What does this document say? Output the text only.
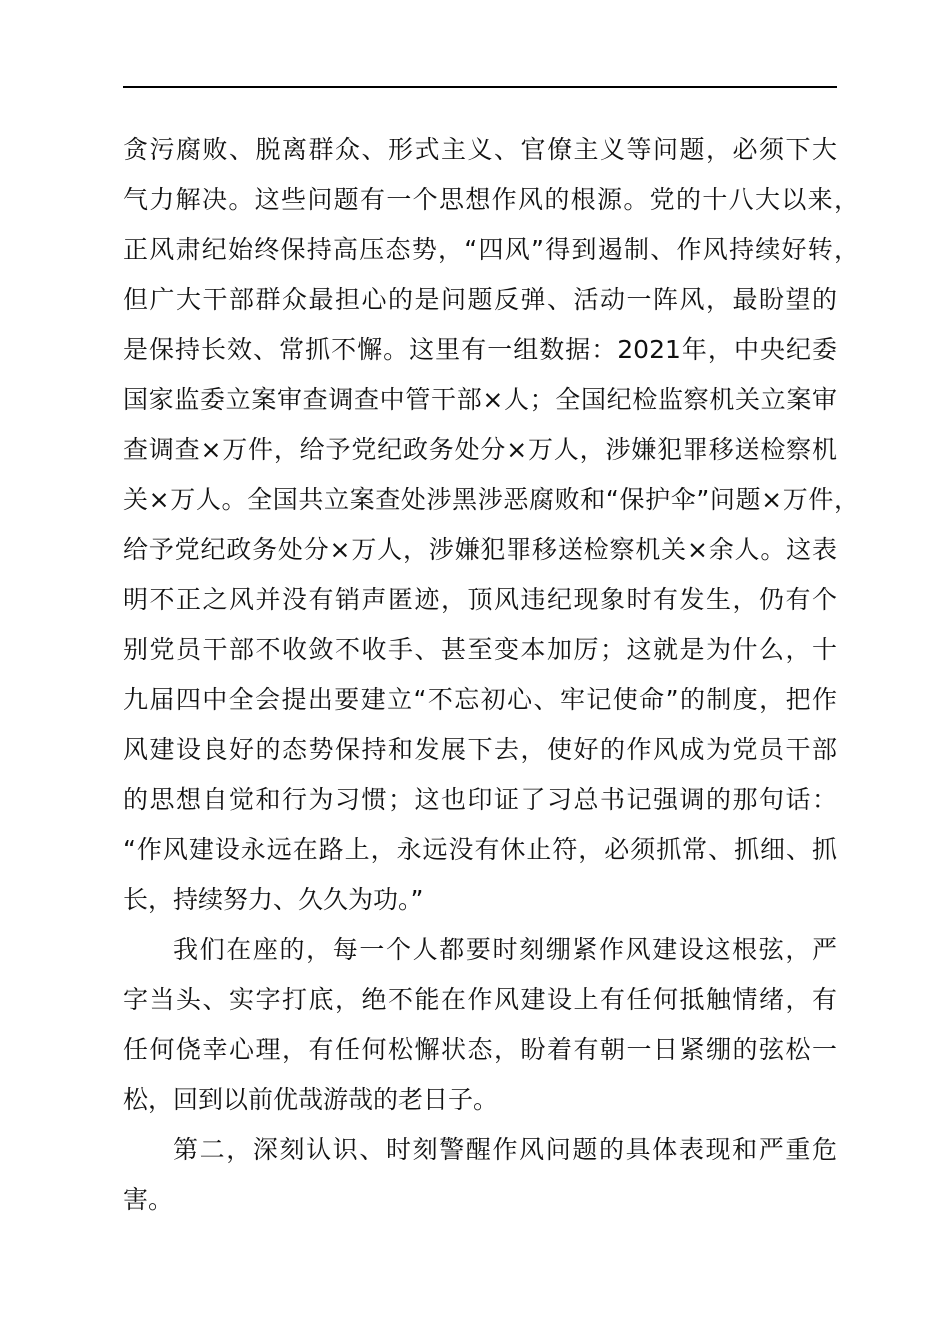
贪污腐败、脱离群众、形式主义、官僚主义等问题，必须下大
气力解决。这些问题有一个思想作风的根源。党的十八大以来，
正风肃纪始终保持高压态势，“四风”得到遏制、作风持续好转，
但广大干部群众最担心的是问题反弹、活动一阵风，最盼望的
是保持长效、常抓不懈。这里有一组数据：2021年，中央纪委
国家监委立案审查调查中管干部×人；全国纪检监察机关立案审
查调查×万件，给予党纪政务处分×万人，涉嫌犯罪移送检察机
关×万人。全国共立案查处涉黑涉恶腐败和“保护伞”问题×万件，
给予党纪政务处分×万人，涉嫌犯罪移送检察机关×余人。这表
明不正之风并没有销声匿迹，顶风违纪现象时有发生，仍有个
别党员干部不收敛不收手、甚至变本加厉；这就是为什么，十
九届四中全会提出要建立“不忘初心、牢记使命”的制度，把作
风建设良好的态势保持和发展下去，使好的作风成为党员干部
的思想自觉和行为习惯；这也印证了习总书记强调的那句话：
“作风建设永远在路上，永远没有休止符，必须抓常、抓细、抓
长，持续努力、久久为功。”
我们在座的，每一个人都要时刻绷紧作风建设这根弦，严
字当头、实字打底，绝不能在作风建设上有任何抵触情绪，有
任何侥幸心理，有任何松懈状态，盼着有朝一日紧绷的弦松一
松，回到以前优哉游哉的老日子。
第二，深刻认识、时刻警醒作风问题的具体表现和严重危
害。
